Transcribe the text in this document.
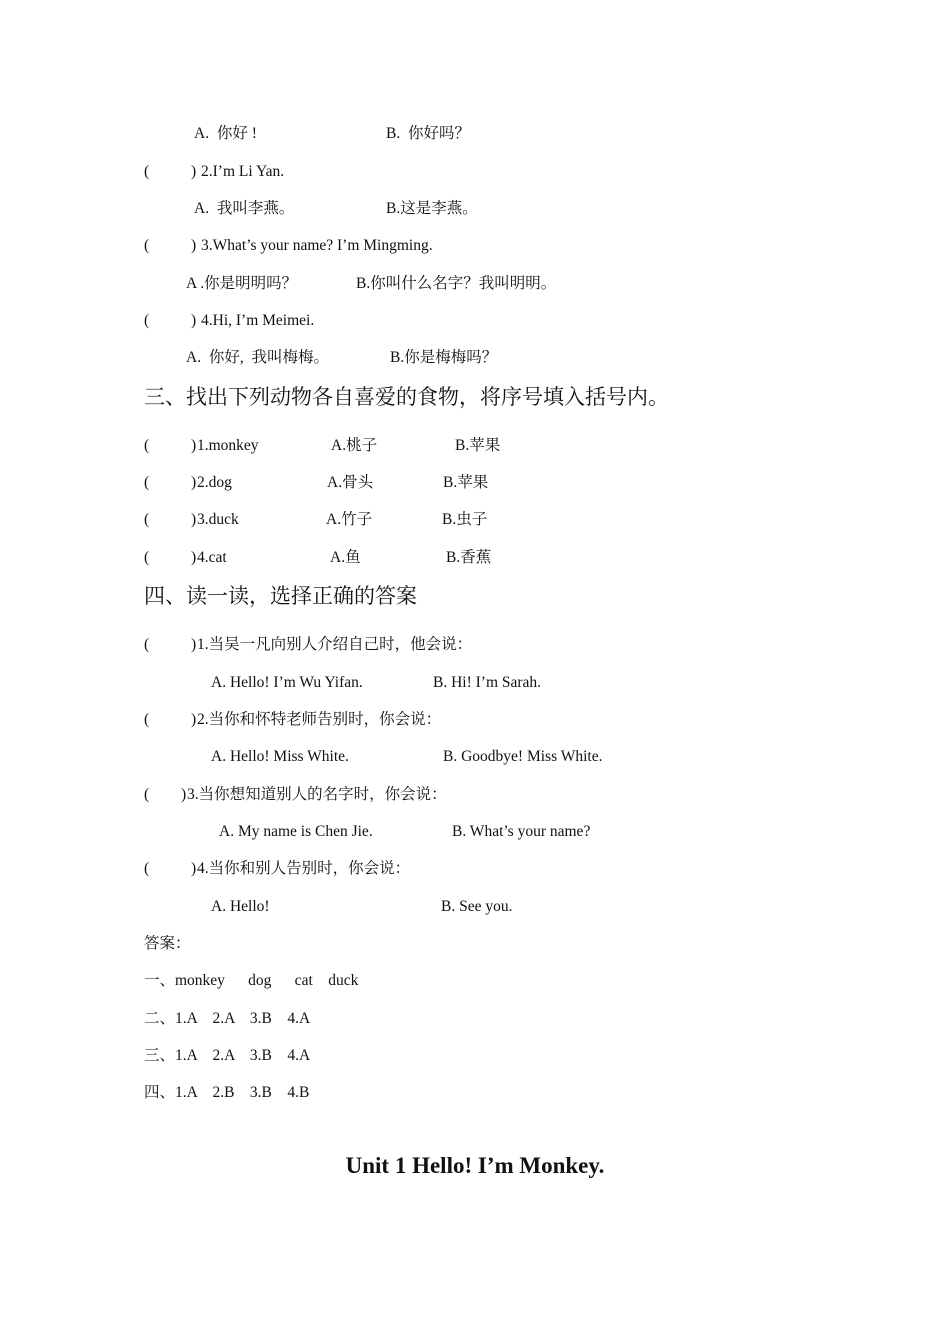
A.  你好 !	B.  你好吗？
(	) 2.I’m Li Yan.
A.  我叫李燕。	B.这是李燕。
(	) 3.What’s your name? I’m Mingming.
A .你是明明吗？	B.你叫什么名字？我叫明明。
(	) 4.Hi, I’m Meimei.
A.  你好,  我叫梅梅。	B.你是梅梅吗？
三、找出下列动物各自喜爱的食物，将序号填入括号内。
(	) 1.monkey	A.桃子	B.苹果
(	) 2.dog	A.骨头	B.苹果
(	) 3.duck	A.竹子	B.虫子
(	) 4.cat	A.鱼	B.香蕉
四、读一读，选择正确的答案
(	) 1.当吴一凡向别人介绍自己时，他会说：
A. Hello! I’m Wu Yifan.	B. Hi! I’m Sarah.
(	) 2.当你和怀特老师告别时，你会说：
A. Hello! Miss White.	B. Goodbye! Miss White.
( ) 3.当你想知道别人的名字时，你会说：
A. My name is Chen Jie.	B. What’s your name?
(	) 4.当你和别人告别时，你会说：
A. Hello!	B. See you.
答案：
一、monkey      dog      cat    duck
二、1.A    2.A    3.B    4.A
三、1.A    2.A    3.B    4.A
四、1.A    2.B    3.B    4.B
Unit 1 Hello! I’m Monkey.
